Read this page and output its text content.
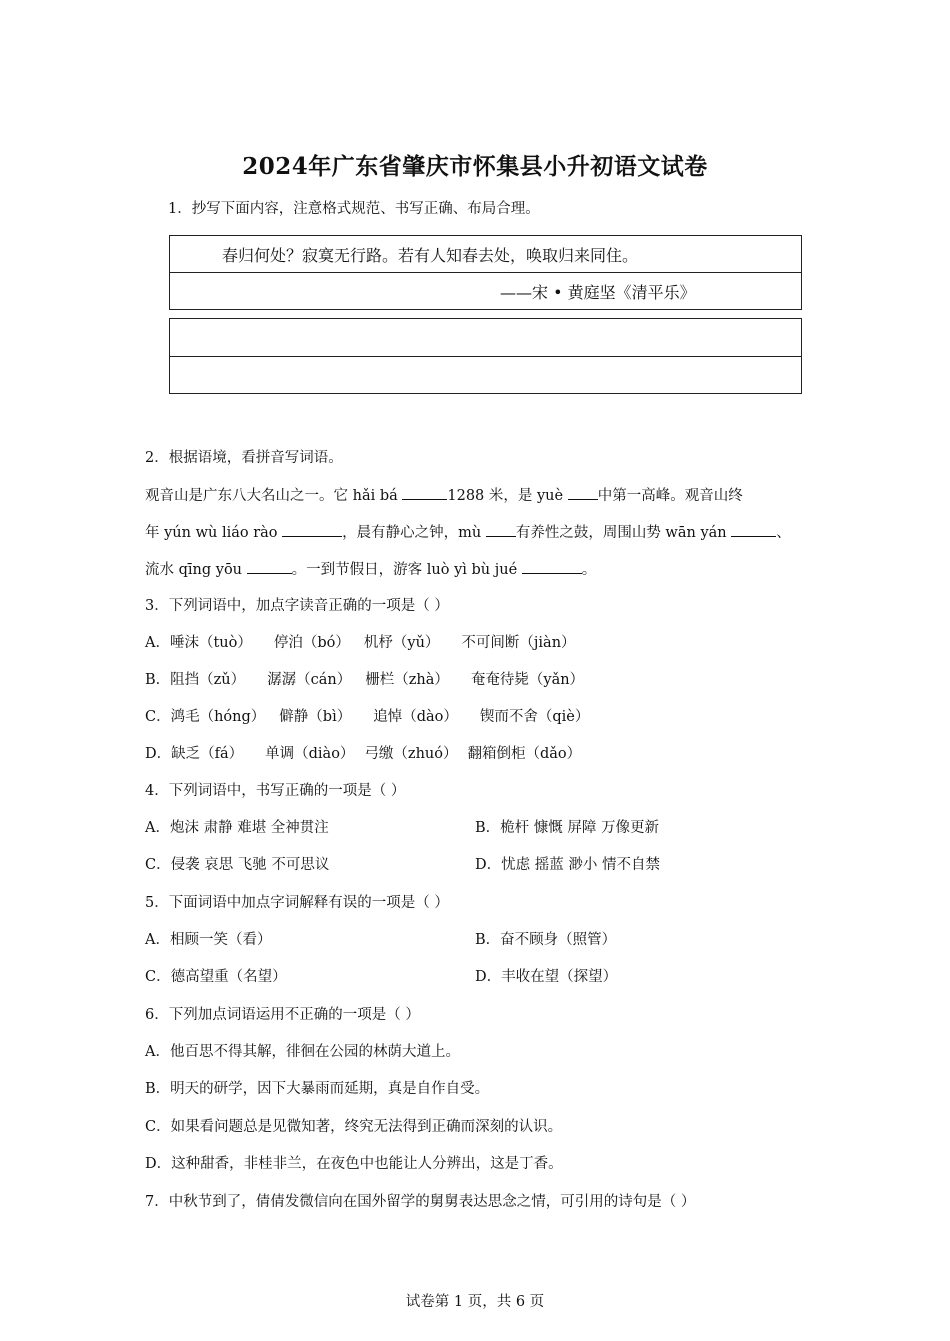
2024年广东省肇庆市怀集县小升初语文试卷
1．抄写下面内容，注意格式规范、书写正确、布局合理。
春归何处？寂寞无行路。若有人知春去处，唤取归来同住。
——宋 • 黄庭坚《清平乐》
2．根据语境，看拼音写词语。
观音山是广东八大名山之一。它 hǎi bá	1288 米，是 yuè 中第一高峰。观音山终
年 yún wù liáo rào	，晨有静心之钟，mù 有养性之鼓，周围山势 wān yán	、
流水 qīng yōu	。一到节假日，游客 luò yì bù jué	。
3．下列词语中，加点字读音正确的一项是（ ）
A．唾沫（tuò） 停泊（bó） 机杼（yǔ） 不可间断（jiàn）
B．阻挡（zǔ） 潺潺（cán） 栅栏（zhà） 奄奄待毙（yǎn）
C．鸿毛（hóng） 僻静（bì） 追悼（dào） 锲而不舍（qiè）
D．缺乏（fá） 单调（diào） 弓缴（zhuó） 翻箱倒柜（dǎo）
4．下列词语中，书写正确的一项是（ ）
A．炮沫 肃静 难堪 全神贯注	B．桅杆 慷慨 屏障 万像更新
C．侵袭 哀思 飞驰 不可思议	D．忧虑 摇蓝 渺小 情不自禁
5．下面词语中加点字词解释有误的一项是（ ）
A．相顾一笑（看）	B．奋不顾身（照管）
C．德高望重（名望）	D．丰收在望（探望）
6．下列加点词语运用不正确的一项是（ ）
A．他百思不得其解，徘徊在公园的林荫大道上。
B．明天的研学，因下大暴雨而延期，真是自作自受。
C．如果看问题总是见微知著，终究无法得到正确而深刻的认识。
D．这种甜香，非桂非兰，在夜色中也能让人分辨出，这是丁香。
7．中秋节到了，倩倩发微信向在国外留学的舅舅表达思念之情，可引用的诗句是（ ）
试卷第 1 页，共 6 页
